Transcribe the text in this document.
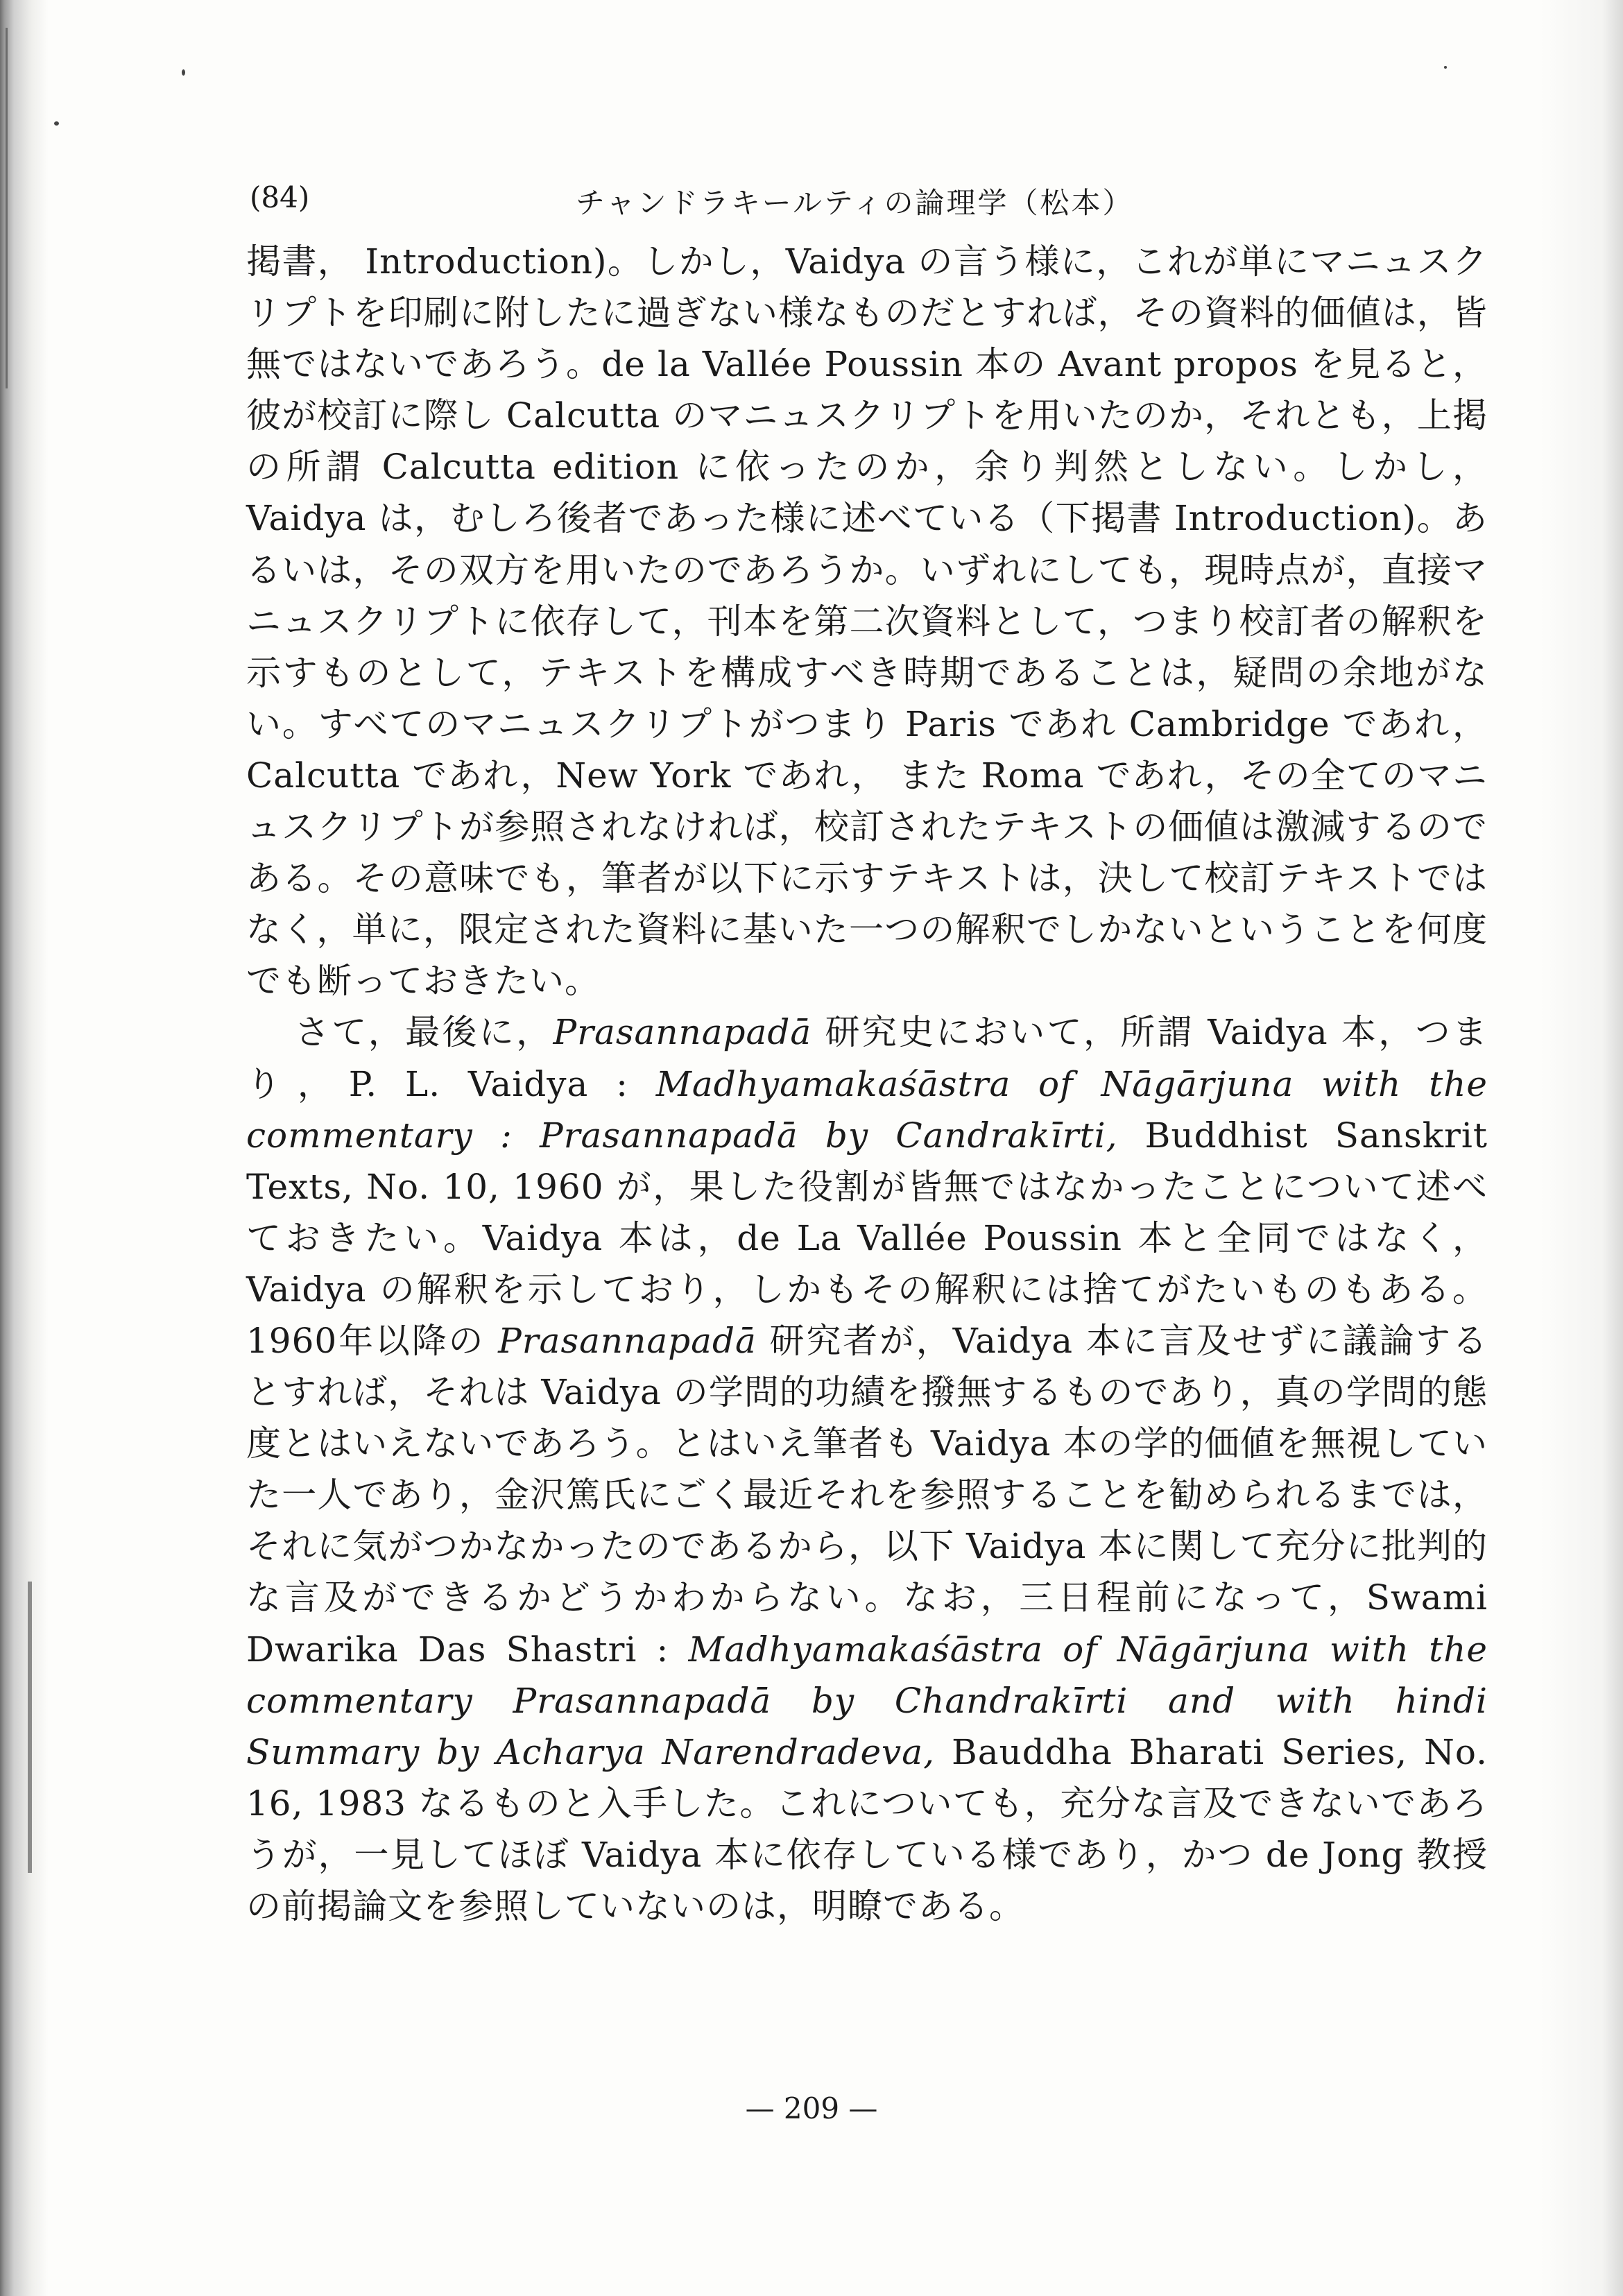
(84)	チャンドラキールティの論理学（松本）

掲書， Introduction)。しかし，Vaidya の言う様に，これが単にマニュスクリプトを印刷に附したに過ぎない様なものだとすれば，その資料的価値は，皆無ではないであろう。de la Vallée Poussin 本の Avant propos を見ると，彼が校訂に際し Calcutta のマニュスクリプトを用いたのか，それとも，上掲の所謂 Calcutta edition に依ったのか，余り判然としない。しかし，Vaidya は，むしろ後者であった様に述べている（下掲書 Introduction)。あるいは，その双方を用いたのであろうか。いずれにしても，現時点が，直接マニュスクリプトに依存して，刊本を第二次資料として，つまり校訂者の解釈を示すものとして，テキストを構成すべき時期であることは，疑問の余地がない。すべてのマニュスクリプトがつまり Paris であれ Cambridge であれ，Calcutta であれ，New York であれ， また Roma であれ，その全てのマニュスクリプトが参照されなければ，校訂されたテキストの価値は激減するのである。その意味でも，筆者が以下に示すテキストは，決して校訂テキストではなく，単に，限定された資料に基いた一つの解釈でしかないということを何度でも断っておきたい。

さて，最後に，Prasannapadā 研究史において，所謂 Vaidya 本，つまり，P. L. Vaidya : Madhyamakaśāstra of Nāgārjuna with the commentary : Prasannapadā by Candrakīrti, Buddhist Sanskrit Texts, No. 10, 1960 が，果した役割が皆無ではなかったことについて述べておきたい。Vaidya 本は，de La Vallée Poussin 本と全同ではなく， Vaidya の解釈を示しており，しかもその解釈には捨てがたいものもある。1960年以降の Prasannapadā 研究者が，Vaidya 本に言及せずに議論するとすれば，それは Vaidya の学問的功績を撥無するものであり，真の学問的態度とはいえないであろう。とはいえ筆者も Vaidya 本の学的価値を無視していた一人であり，金沢篤氏にごく最近それを参照することを勧められるまでは，それに気がつかなかったのであるから，以下 Vaidya 本に関して充分に批判的な言及ができるかどうかわからない。なお，三日程前になって，Swami Dwarika Das Shastri : Madhyamakaśāstra of Nāgārjuna with the commentary Prasannapadā by Chandrakīrti and with hindi Summary by Acharya Narendradeva, Bauddha Bharati Series, No. 16, 1983 なるものと入手した。これについても，充分な言及できないであろうが，一見してほぼ Vaidya 本に依存している様であり，かつ de Jong 教授の前掲論文を参照していないのは，明瞭である。

— 209 —
